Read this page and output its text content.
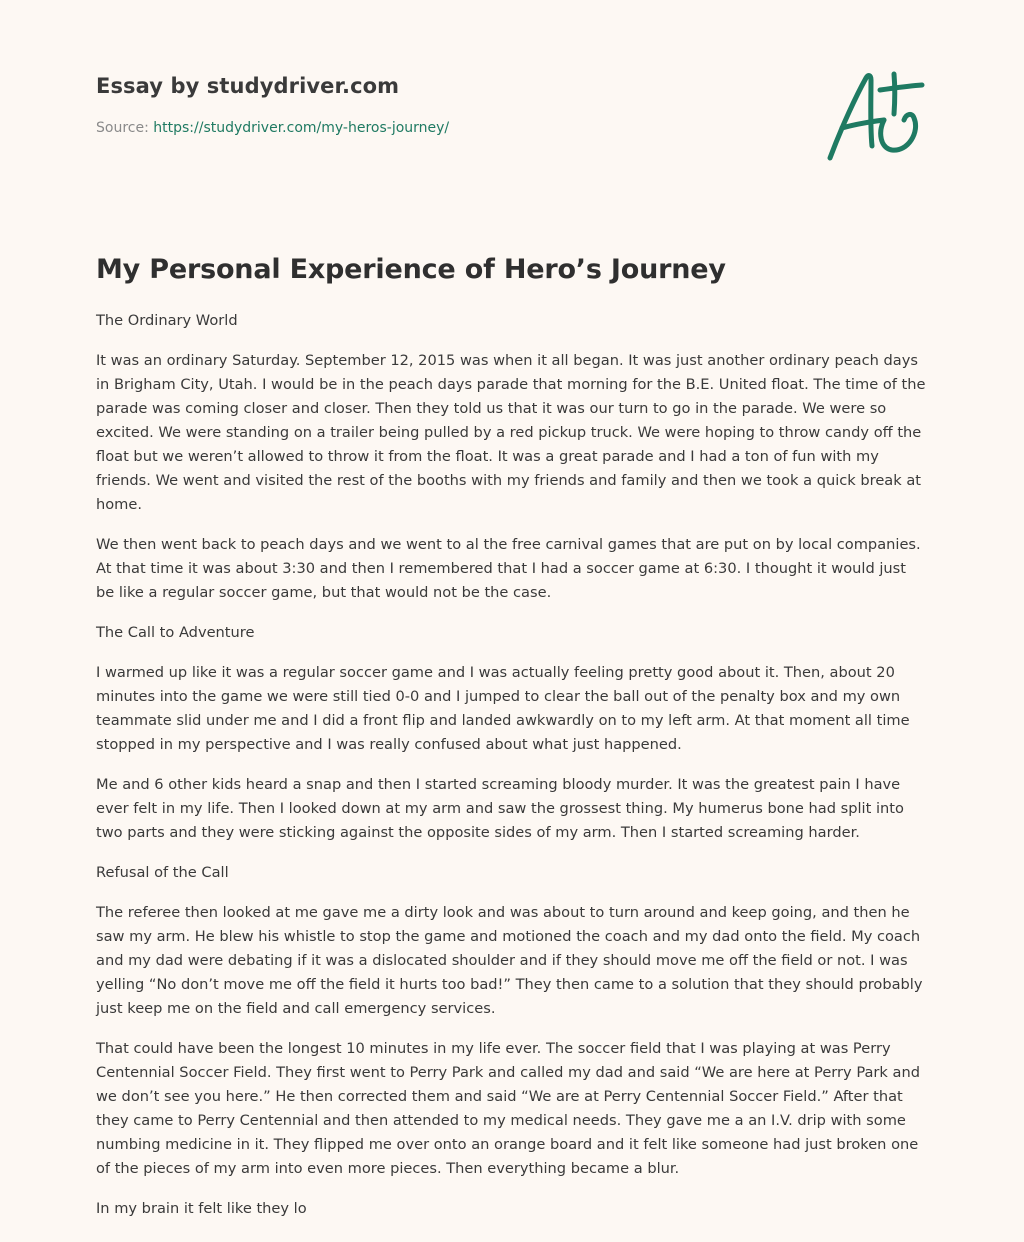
Essay by studydriver.com
Source: https://studydriver.com/my-heros-journey/
My Personal Experience of Hero’s Journey

The Ordinary World

It was an ordinary Saturday. September 12, 2015 was when it all began. It was just another ordinary peach days in Brigham City, Utah. I would be in the peach days parade that morning for the B.E. United float. The time of the parade was coming closer and closer. Then they told us that it was our turn to go in the parade. We were so excited. We were standing on a trailer being pulled by a red pickup truck. We were hoping to throw candy off the float but we weren’t allowed to throw it from the float. It was a great parade and I had a ton of fun with my friends. We went and visited the rest of the booths with my friends and family and then we took a quick break at home.

We then went back to peach days and we went to al the free carnival games that are put on by local companies. At that time it was about 3:30 and then I remembered that I had a soccer game at 6:30. I thought it would just be like a regular soccer game, but that would not be the case.

The Call to Adventure

I warmed up like it was a regular soccer game and I was actually feeling pretty good about it. Then, about 20 minutes into the game we were still tied 0-0 and I jumped to clear the ball out of the penalty box and my own teammate slid under me and I did a front flip and landed awkwardly on to my left arm. At that moment all time stopped in my perspective and I was really confused about what just happened.

Me and 6 other kids heard a snap and then I started screaming bloody murder. It was the greatest pain I have ever felt in my life. Then I looked down at my arm and saw the grossest thing. My humerus bone had split into two parts and they were sticking against the opposite sides of my arm. Then I started screaming harder.

Refusal of the Call

The referee then looked at me gave me a dirty look and was about to turn around and keep going, and then he saw my arm. He blew his whistle to stop the game and motioned the coach and my dad onto the field. My coach and my dad were debating if it was a dislocated shoulder and if they should move me off the field or not. I was yelling “No don’t move me off the field it hurts too bad!” They then came to a solution that they should probably just keep me on the field and call emergency services.

That could have been the longest 10 minutes in my life ever. The soccer field that I was playing at was Perry Centennial Soccer Field. They first went to Perry Park and called my dad and said “We are here at Perry Park and we don’t see you here.” He then corrected them and said “We are at Perry Centennial Soccer Field.” After that they came to Perry Centennial and then attended to my medical needs. They gave me a an I.V. drip with some numbing medicine in it. They flipped me over onto an orange board and it felt like someone had just broken one of the pieces of my arm into even more pieces. Then everything became a blur.

In my brain it felt like they lo
